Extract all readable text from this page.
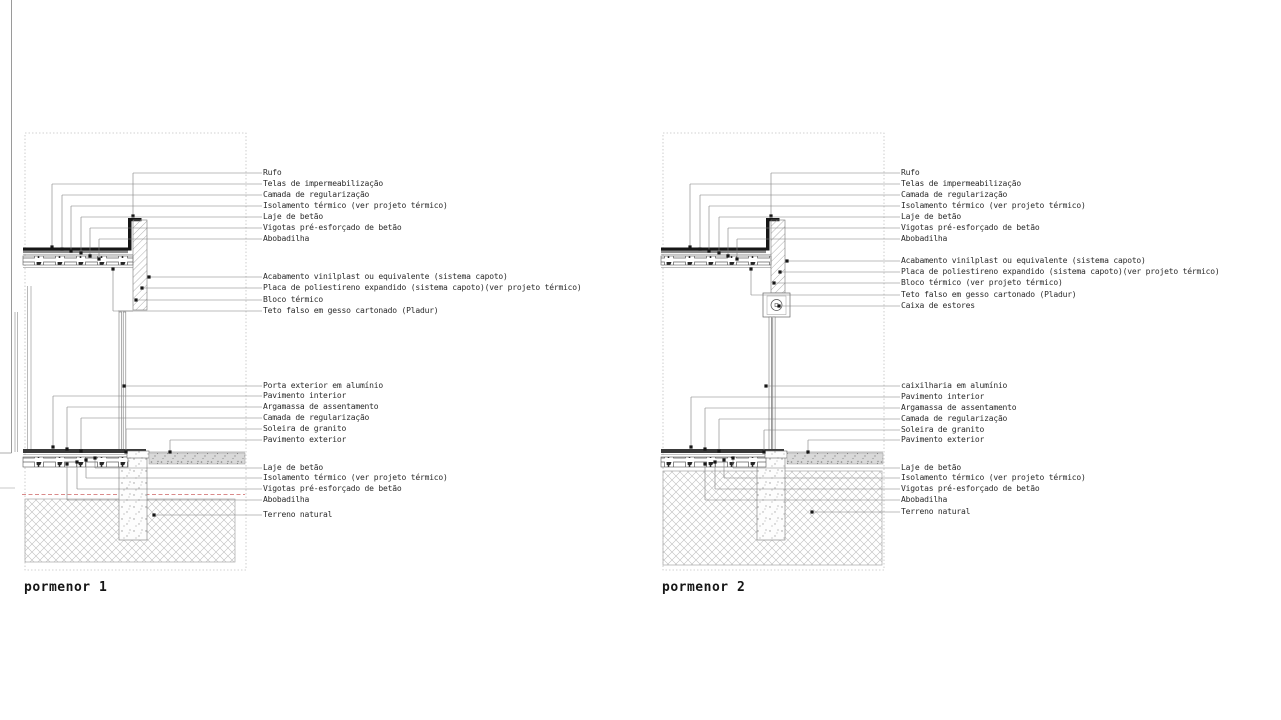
pormenor 1	pormenor 2
Rufo
Telas de impermeabilização
Camada de regularização
Isolamento térmico (ver projeto térmico)
Laje de betão
Vigotas pré-esforçado de betão
Abobadilha
Acabamento vinilplast ou equivalente (sistema capoto)
Placa de poliestireno expandido (sistema capoto)(ver projeto térmico)
Bloco térmico
Teto falso em gesso cartonado (Pladur)
Porta exterior em alumínio
Pavimento interior
Argamassa de assentamento
Camada de regularização
Soleira de granito
Pavimento exterior
Laje de betão
Isolamento térmico (ver projeto térmico)
Vigotas pré-esforçado de betão
Abobadilha
Terreno natural
Rufo
Telas de impermeabilização
Camada de regularização
Isolamento térmico (ver projeto térmico)
Laje de betão
Vigotas pré-esforçado de betão
Abobadilha
Acabamento vinilplast ou equivalente (sistema capoto)
Placa de poliestireno expandido (sistema capoto)(ver projeto térmico)
Bloco térmico (ver projeto térmico)
Teto falso em gesso cartonado (Pladur)
Caixa de estores
caixilharia em alumínio
Pavimento interior
Argamassa de assentamento
Camada de regularização
Soleira de granito
Pavimento exterior
Laje de betão
Isolamento térmico (ver projeto térmico)
Vigotas pré-esforçado de betão
Abobadilha
Terreno natural
